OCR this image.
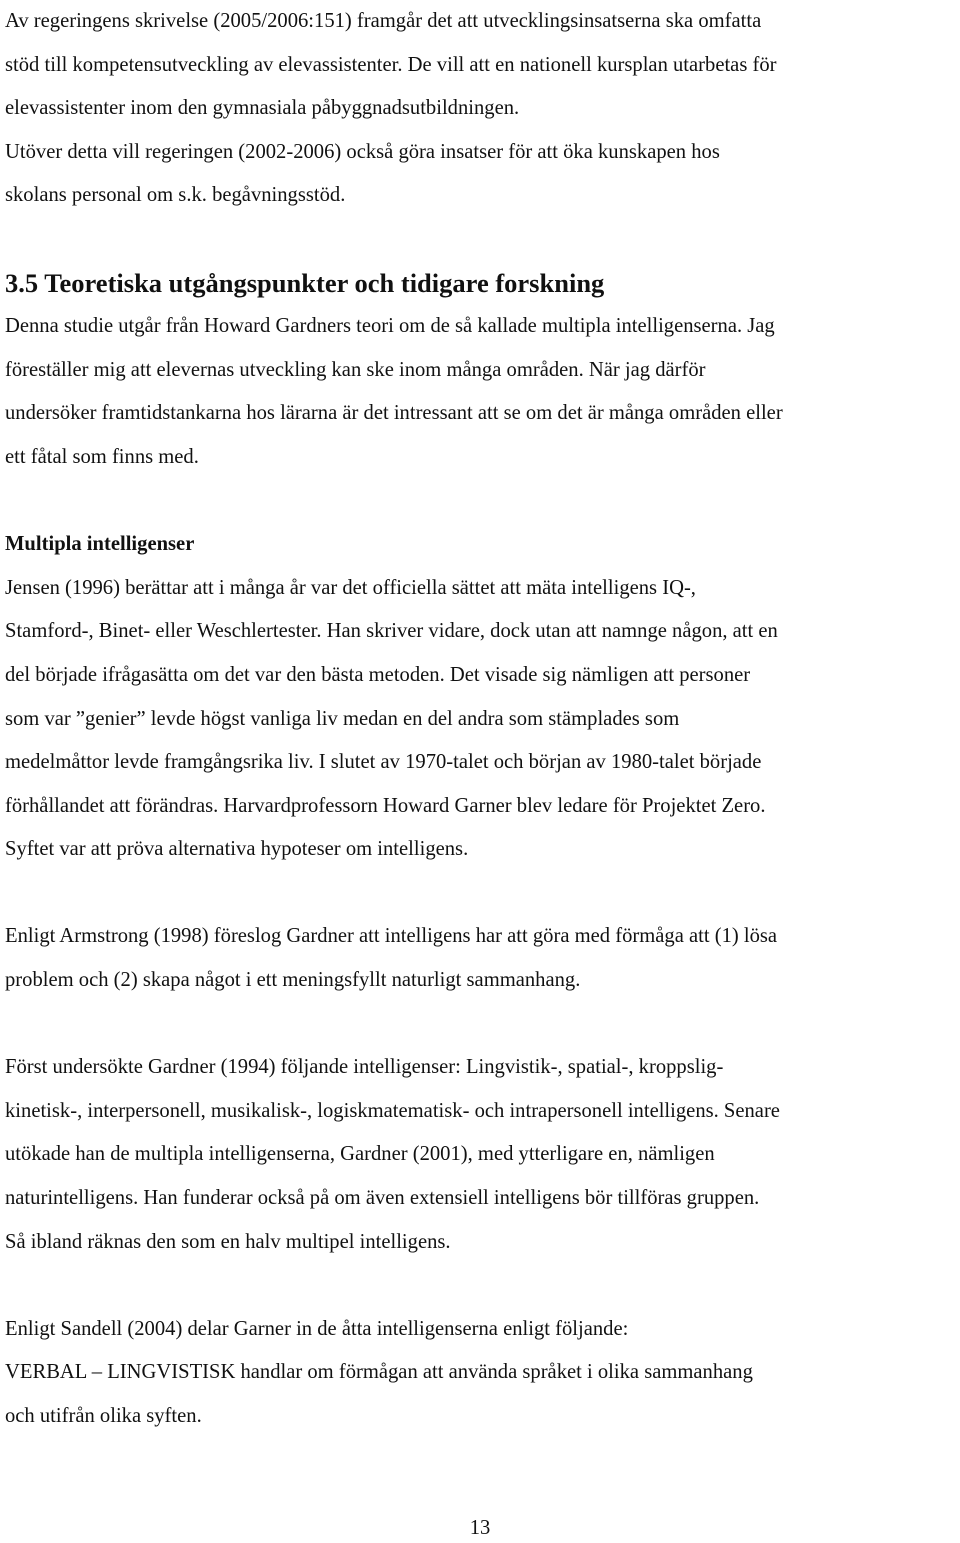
Av regeringens skrivelse (2005/2006:151) framgår det att utvecklingsinsatserna ska omfatta

stöd till kompetensutveckling av elevassistenter. De vill att en nationell kursplan utarbetas för

elevassistenter inom den gymnasiala påbyggnadsutbildningen.

Utöver detta vill regeringen (2002-2006) också göra insatser för att öka kunskapen hos

skolans personal om s.k. begåvningsstöd.

3.5 Teoretiska utgångspunkter och tidigare forskning

Denna studie utgår från Howard Gardners teori om de så kallade multipla intelligenserna. Jag

föreställer mig att elevernas utveckling kan ske inom många områden. När jag därför

undersöker framtidstankarna hos lärarna är det intressant att se om det är många områden eller

ett fåtal som finns med.

Multipla intelligenser

Jensen (1996) berättar att i många år var det officiella sättet att mäta intelligens IQ-,

Stamford-, Binet- eller Weschlertester. Han skriver vidare, dock utan att namnge någon, att en

del började ifrågasätta om det var den bästa metoden. Det visade sig nämligen att personer

som var ”genier” levde högst vanliga liv medan en del andra som stämplades som

medelmåttor levde framgångsrika liv. I slutet av 1970-talet och början av 1980-talet började

förhållandet att förändras. Harvardprofessorn Howard Garner blev ledare för Projektet Zero.

Syftet var att pröva alternativa hypoteser om intelligens.

Enligt Armstrong (1998) föreslog Gardner att intelligens har att göra med förmåga att (1) lösa

problem och (2) skapa något i ett meningsfyllt naturligt sammanhang.

Först undersökte Gardner (1994) följande intelligenser: Lingvistik-, spatial-, kroppslig-

kinetisk-, interpersonell, musikalisk-, logiskmatematisk- och intrapersonell intelligens. Senare

utökade han de multipla intelligenserna, Gardner (2001), med ytterligare en, nämligen

naturintelligens. Han funderar också på om även extensiell intelligens bör tillföras gruppen.

Så ibland räknas den som en halv multipel intelligens.

Enligt Sandell (2004) delar Garner in de åtta intelligenserna enligt följande:

VERBAL – LINGVISTISK handlar om förmågan att använda språket i olika sammanhang

och utifrån olika syften.

13
